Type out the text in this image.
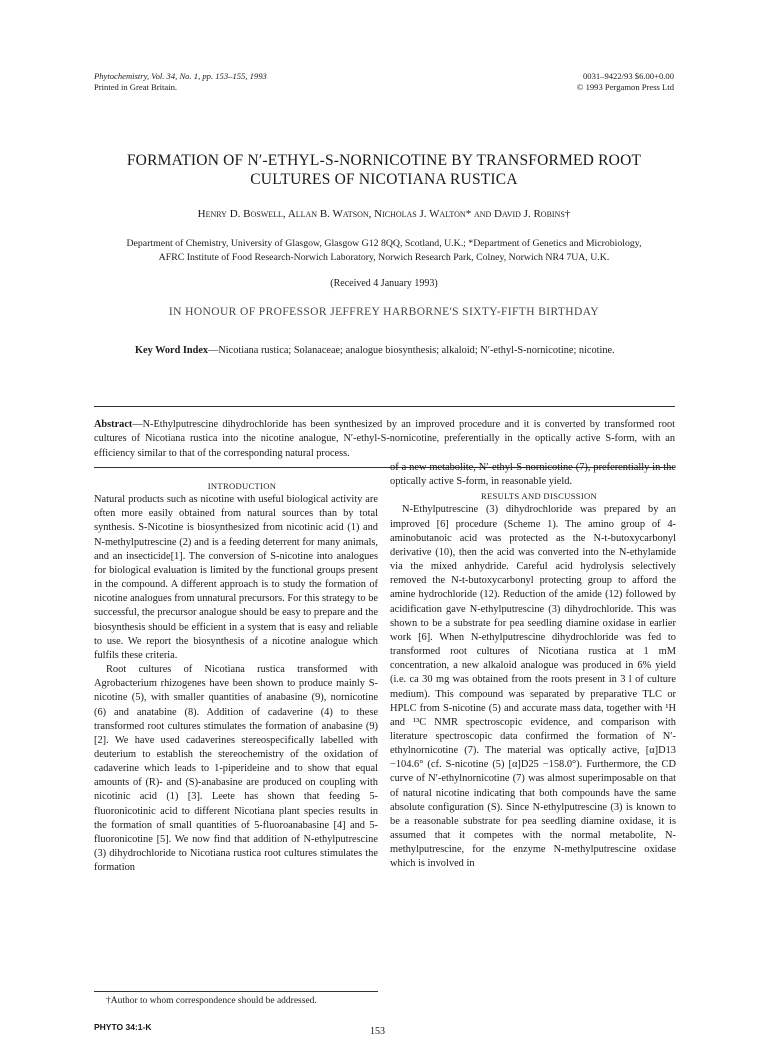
Phytochemistry, Vol. 34, No. 1, pp. 153–155, 1993
Printed in Great Britain.
0031–9422/93 $6.00+0.00
© 1993 Pergamon Press Ltd
FORMATION OF N′-ETHYL-S-NORNICOTINE BY TRANSFORMED ROOT
CULTURES OF NICOTIANA RUSTICA
Henry D. Boswell, Allan B. Watson, Nicholas J. Walton* and David J. Robins†
Department of Chemistry, University of Glasgow, Glasgow G12 8QQ, Scotland, U.K.; *Department of Genetics and Microbiology,
AFRC Institute of Food Research-Norwich Laboratory, Norwich Research Park, Colney, Norwich NR4 7UA, U.K.
(Received 4 January 1993)
IN HONOUR OF PROFESSOR JEFFREY HARBORNE'S SIXTY-FIFTH BIRTHDAY
Key Word Index—Nicotiana rustica; Solanaceae; analogue biosynthesis; alkaloid; N′-ethyl-S-nornicotine; nicotine.
Abstract—N-Ethylputrescine dihydrochloride has been synthesized by an improved procedure and it is converted by transformed root cultures of Nicotiana rustica into the nicotine analogue, N′-ethyl-S-nornicotine, preferentially in the optically active S-form, with an efficiency similar to that of the corresponding natural process.

INTRODUCTION

Natural products such as nicotine with useful biological activity are often more easily obtained from natural sources than by total synthesis. S-Nicotine is biosynthesized from nicotinic acid (1) and N-methylputrescine (2) and is a feeding deterrent for many animals, and an insecticide[1]. The conversion of S-nicotine into analogues for biological evaluation is limited by the functional groups present in the compound. A different approach is to study the formation of nicotine analogues from unnatural precursors. For this strategy to be successful, the precursor analogue should be easy to prepare and the biosynthesis should be efficient in a system that is easy and reliable to use. We report the biosynthesis of a nicotine analogue which fulfils these criteria.

Root cultures of Nicotiana rustica transformed with Agrobacterium rhizogenes have been shown to produce mainly S-nicotine (5), with smaller quantities of anabasine (9), nornicotine (6) and anatabine (8). Addition of cadaverine (4) to these transformed root cultures stimulates the formation of anabasine (9) [2]. We have used cadaverines stereospecifically labelled with deuterium to establish the stereochemistry of the oxidation of cadaverine which leads to 1-piperideine and to show that equal amounts of (R)- and (S)-anabasine are produced on coupling with nicotinic acid (1) [3]. Leete has shown that feeding 5-fluoronicotinic acid to different Nicotiana plant species results in the formation of small quantities of 5-fluoroanabasine [4] and 5-fluoronicotine [5]. We now find that addition of N-ethylputrescine (3) dihydrochloride to Nicotiana rustica root cultures stimulates the formation

of a new metabolite, N′-ethyl-S-nornicotine (7), preferentially in the optically active S-form, in reasonable yield.

RESULTS AND DISCUSSION

N-Ethylputrescine (3) dihydrochloride was prepared by an improved [6] procedure (Scheme 1). The amino group of 4-aminobutanoic acid was protected as the N-t-butoxycarbonyl derivative (10), then the acid was converted into the N-ethylamide via the mixed anhydride. Careful acid hydrolysis selectively removed the N-t-butoxycarbonyl protecting group to afford the amine hydrochloride (12). Reduction of the amide (12) followed by acidification gave N-ethylputrescine (3) dihydrochloride. This was shown to be a substrate for pea seedling diamine oxidase in earlier work [6]. When N-ethylputrescine dihydrochloride was fed to transformed root cultures of Nicotiana rustica at 1 mM concentration, a new alkaloid analogue was produced in 6% yield (i.e. ca 30 mg was obtained from the roots present in 3 l of culture medium). This compound was separated by preparative TLC or HPLC from S-nicotine (5) and accurate mass data, together with ¹H and ¹³C NMR spectroscopic evidence, and comparison with literature spectroscopic data confirmed the formation of N′-ethylnornicotine (7). The material was optically active, [α]D13 −104.6° (cf. S-nicotine (5) [α]D25 −158.0°). Furthermore, the CD curve of N′-ethylnornicotine (7) was almost superimposable on that of natural nicotine indicating that both compounds have the same absolute configuration (S). Since N-ethylputrescine (3) is known to be a reasonable substrate for pea seedling diamine oxidase, it is assumed that it competes with the normal metabolite, N-methylputrescine, for the enzyme N-methylputrescine oxidase which is involved in

PHYTO 34:1-K	153
†Author to whom correspondence should be addressed.
